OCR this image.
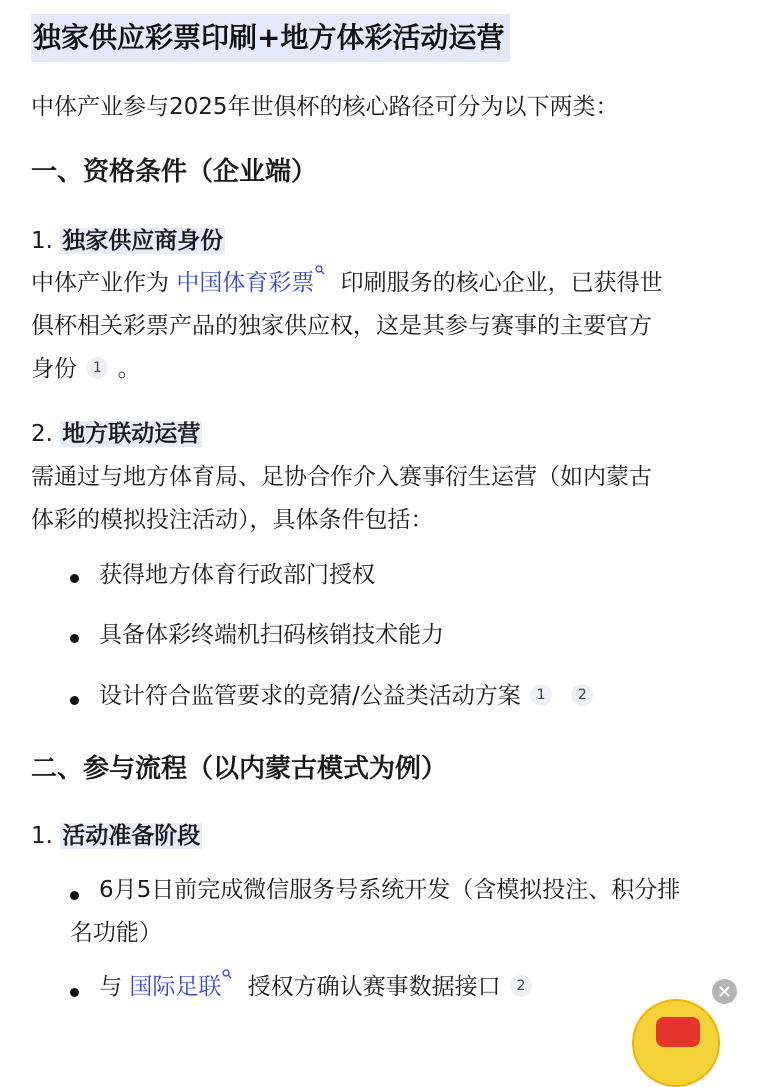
独家供应彩票印刷+地方体彩活动运营
中体产业参与2025年世俱杯的核心路径可分为以下两类：
一、资格条件（企业端）
1. 独家供应商身份
中体产业作为 中国体育彩票 印刷服务的核心企业，已获得世
俱杯相关彩票产品的独家供应权，这是其参与赛事的主要官方
身份 1 。
2. 地方联动运营
需通过与地方体育局、足协合作介入赛事衍生运营（如内蒙古
体彩的模拟投注活动），具体条件包括：
获得地方体育行政部门授权
具备体彩终端机扫码核销技术能力
设计符合监管要求的竞猜/公益类活动方案 1 2
二、参与流程（以内蒙古模式为例）
1. 活动准备阶段
6月5日前完成微信服务号系统开发（含模拟投注、积分排
名功能）
与 国际足联 授权方确认赛事数据接口 2
